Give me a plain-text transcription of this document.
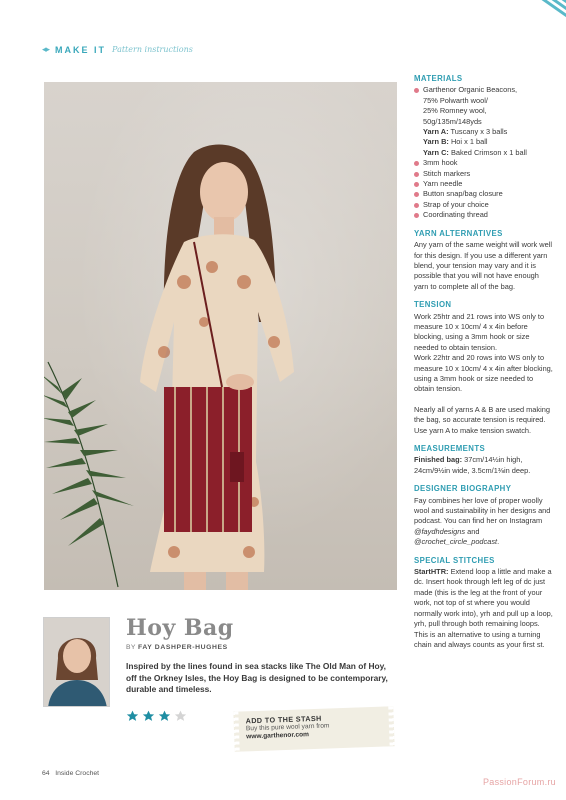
◂▸ MAKE IT Pattern instructions
MATERIALS
Garthenor Organic Beacons,
75% Polwarth wool/
25% Romney wool,
50g/135m/148yds
Yarn A: Tuscany x 3 balls
Yarn B: Hoi x 1 ball
Yarn C: Baked Crimson x 1 ball
3mm hook
Stitch markers
Yarn needle
Button snap/bag closure
Strap of your choice
Coordinating thread
YARN ALTERNATIVES

Any yarn of the same weight will work well for this design. If you use a different yarn blend, your tension may vary and it is possible that you will not have enough yarn to complete all of the bag.

TENSION

Work 25htr and 21 rows into WS only to measure 10 x 10cm/ 4 x 4in before blocking, using a 3mm hook or size needed to obtain tension.

Work 22htr and 20 rows into WS only to measure 10 x 10cm/ 4 x 4in after blocking, using a 3mm hook or size needed to obtain tension.

Nearly all of yarns A & B are used making the bag, so accurate tension is required. Use yarn A to make tension swatch.

MEASUREMENTS

Finished bag: 37cm/14½in high, 24cm/9½in wide, 3.5cm/1⅜in deep.

DESIGNER BIOGRAPHY

Fay combines her love of proper woolly wool and sustainability in her designs and podcast. You can find her on Instagram @faydhdesigns and @crochet_circle_podcast.

SPECIAL STITCHES

StartHTR: Extend loop a little and make a dc. Insert hook through left leg of dc just made (this is the leg at the front of your work, not top of st where you would normally work into), yrh and pull up a loop, yrh, pull through both remaining loops. This is an alternative to using a turning chain and always counts as your first st.

Hoy Bag
BY FAY DASHPER-HUGHES

Inspired by the lines found in sea stacks like The Old Man of Hoy, off the Orkney Isles, the Hoy Bag is designed to be contemporary, durable and timeless.

ADD TO THE STASH
Buy this pure wool yarn from
www.garthenor.com
64 Inside Crochet
PassionForum.ru
